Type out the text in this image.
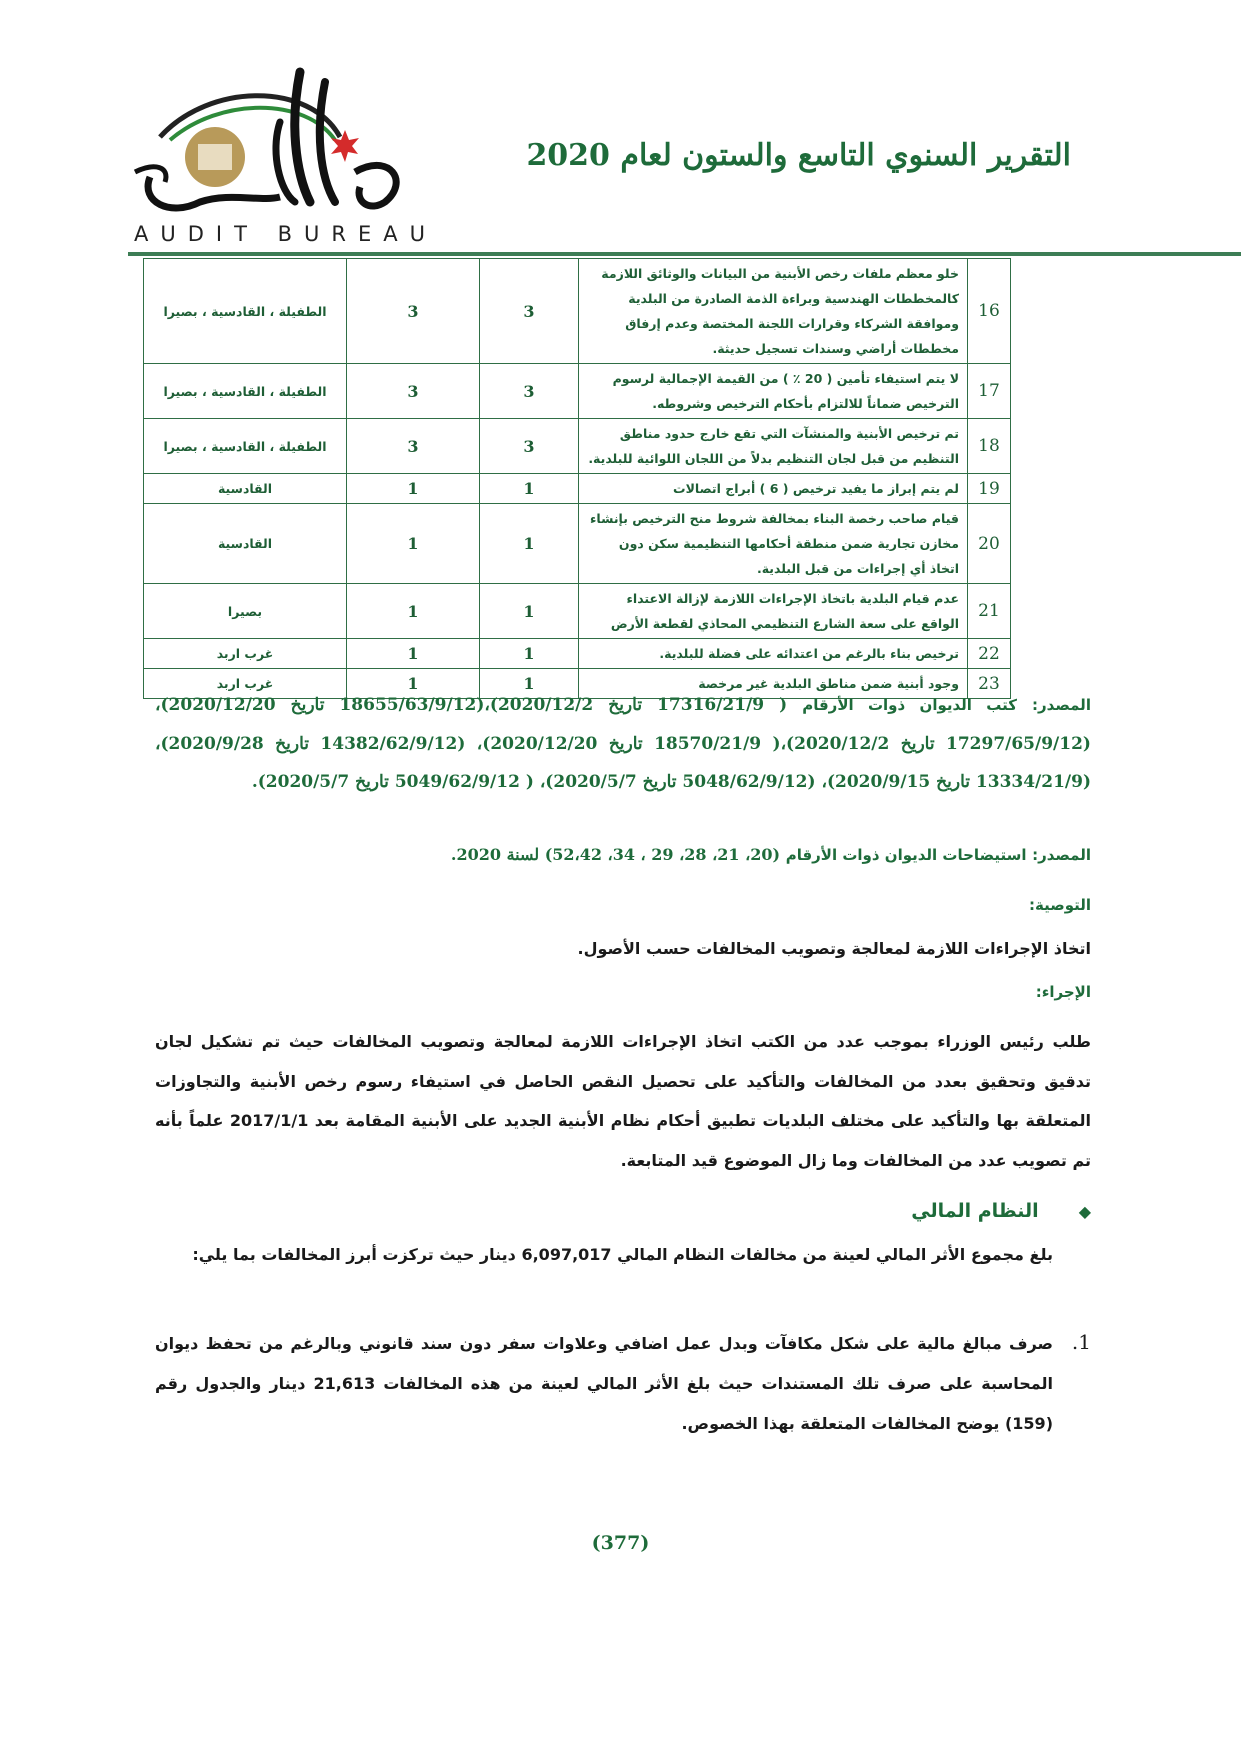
AUDIT BUREAU
التقرير السنوي التاسع والستون لعام 2020
16	خلو معظم ملفات رخص الأبنية من البيانات والوثائق اللازمة كالمخططات الهندسية وبراءة الذمة الصادرة من البلدية وموافقة الشركاء وقرارات اللجنة المختصة وعدم إرفاق مخططات أراضي وسندات تسجيل حديثة.	3	3	الطفيلة ، القادسية ، بصيرا
17	لا يتم استيفاء تأمين ( 20 ٪ ) من القيمة الإجمالية لرسوم الترخيص ضماناً للالتزام بأحكام الترخيص وشروطه.	3	3	الطفيلة ، القادسية ، بصيرا
18	تم ترخيص الأبنية والمنشآت التي تقع خارج حدود مناطق التنظيم من قبل لجان التنظيم بدلاً من اللجان اللوائية للبلدية.	3	3	الطفيلة ، القادسية ، بصيرا
19	لم يتم إبراز ما يفيد ترخيص ( 6 ) أبراج اتصالات	1	1	القادسية
20	قيام صاحب رخصة البناء بمخالفة شروط منح الترخيص بإنشاء مخازن تجارية ضمن منطقة أحكامها التنظيمية سكن دون اتخاذ أي إجراءات من قبل البلدية.	1	1	القادسية
21	عدم قيام البلدية باتخاذ الإجراءات اللازمة لإزالة الاعتداء الواقع على سعة الشارع التنظيمي المحاذي لقطعة الأرض	1	1	بصيرا
22	ترخيص بناء بالرغم من اعتدائه على فضلة للبلدية.	1	1	غرب اربد
23	وجود أبنية ضمن مناطق البلدية غير مرخصة	1	1	غرب اربد
المصدر: كتب الديوان ذوات الأرقام ( 17316/21/9 تاريخ 2020/12/2)،(18655/63/9/12 تاريخ 2020/12/20)، (17297/65/9/12 تاريخ 2020/12/2)،( 18570/21/9 تاريخ 2020/12/20)، (14382/62/9/12 تاريخ 2020/9/28)، (13334/21/9 تاريخ 2020/9/15)، (5048/62/9/12 تاريخ 2020/5/7)، ( 5049/62/9/12 تاريخ 2020/5/7).
المصدر: استيضاحات الديوان ذوات الأرقام (20، 21، 28، 29 ، 34، 52،42) لسنة 2020.
التوصية:
اتخاذ الإجراءات اللازمة لمعالجة وتصويب المخالفات حسب الأصول.
الإجراء:
طلب رئيس الوزراء بموجب عدد من الكتب اتخاذ الإجراءات اللازمة لمعالجة وتصويب المخالفات حيث تم تشكيل لجان تدقيق وتحقيق بعدد من المخالفات والتأكيد على تحصيل النقص الحاصل في استيفاء رسوم رخص الأبنية والتجاوزات المتعلقة بها والتأكيد على مختلف البلديات تطبيق أحكام نظام الأبنية الجديد على الأبنية المقامة بعد 2017/1/1 علماً بأنه تم تصويب عدد من المخالفات وما زال الموضوع قيد المتابعة.
◆
النظام المالي
بلغ مجموع الأثر المالي لعينة من مخالفات النظام المالي 6,097,017 دينار حيث تركزت أبرز المخالفات بما يلي:
1.
صرف مبالغ مالية على شكل مكافآت وبدل عمل اضافي وعلاوات سفر دون سند قانوني وبالرغم من تحفظ ديوان المحاسبة على صرف تلك المستندات حيث بلغ الأثر المالي لعينة من هذه المخالفات 21,613 دينار والجدول رقم (159) يوضح المخالفات المتعلقة بهذا الخصوص.
(377)
